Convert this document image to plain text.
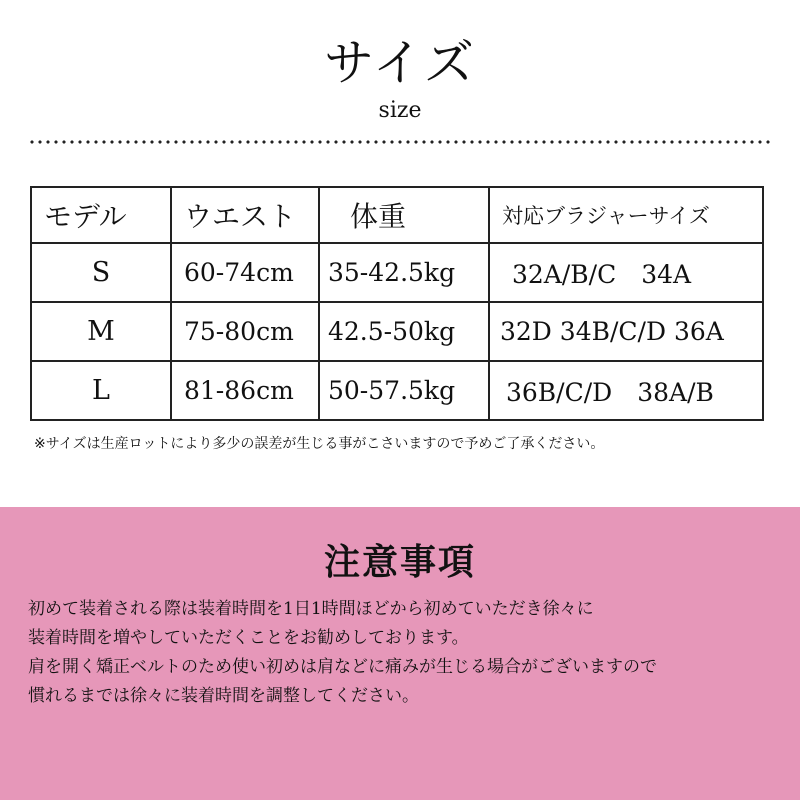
サイズ
size
モデル	ウエスト	体重	対応ブラジャーサイズ
S	60-74cm	35-42.5kg	32A/B/C　34A
M	75-80cm	42.5-50kg	32D 34B/C/D 36A
L	81-86cm	50-57.5kg	36B/C/D　38A/B
※サイズは生産ロットにより多少の誤差が生じる事がこさいますので予めご了承ください。
注意事項
初めて装着される際は装着時間を1日1時間ほどから初めていただき徐々に
装着時間を増やしていただくことをお勧めしております。
肩を開く矯正ベルトのため使い初めは肩などに痛みが生じる場合がございますので
慣れるまでは徐々に装着時間を調整してください。
